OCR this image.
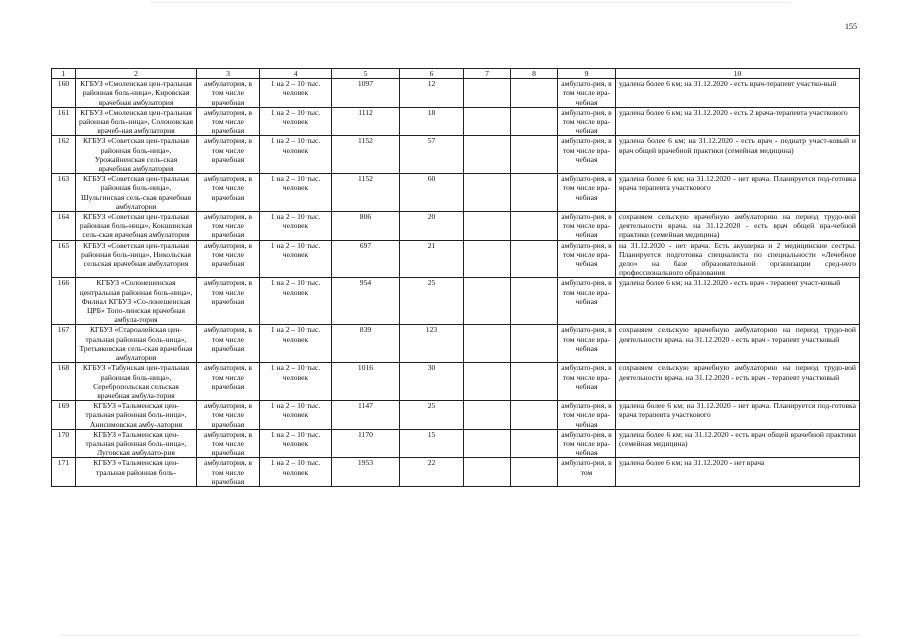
155
1	2	3	4	5	6	7	8	9	10
160	КГБУЗ «Смоленская цен-тральная районная боль-ница», Кировская врачебная амбулатория	амбулатория, в том числе врачебная	1 на 2 – 10 тыс. человек	1097	12			амбулато-рия, в том числе вра-чебная	удалена более 6 км; на 31.12.2020 - есть врач-терапевт участко-вый
161	КГБУЗ «Смоленская цен-тральная районная боль-ница», Солоновская врачеб-ная амбулатория	амбулатория, в том числе врачебная	1 на 2 – 10 тыс. человек	1112	18			амбулато-рия, в том числе вра-чебная	удалена более 6 км; на 31.12.2020 - есть 2 врача-терапевта участкового
162	КГБУЗ «Советская цен-тральная районная боль-ница», Урожайненская сель-ская врачебная амбулатория	амбулатория, в том числе врачебная	1 на 2 – 10 тыс. человек	1152	57			амбулато-рия, в том числе вра-чебная	удалена более 6 км; на 31.12.2020 - есть врач - педиатр участ-ковый и врач общей врачебной практики (семейная медицина)
163	КГБУЗ «Советская цен-тральная районная боль-ница», Шульгинская сель-ская врачебная амбулатория	амбулатория, в том числе врачебная	1 на 2 – 10 тыс. человек	1152	60			амбулато-рия, в том числе вра-чебная	удалена более 6 км; на 31.12.2020 - нет врача. Планируется под-готовка врача терапевта участкового
164	КГБУЗ «Советская цен-тральная районная боль-ница», Кокшинская сель-ская врачебная амбулатория	амбулатория, в том числе врачебная	1 на 2 – 10 тыс. человек	806	20			амбулато-рия, в том числе вра-чебная	сохраняем сельскую врачебную амбулаторию на период трудо-вой деятельности врача. на 31.12.2020 - есть врач общей вра-чебной практики (семейная медицина)
165	КГБУЗ «Советская цен-тральная районная боль-ница», Никольская сельская врачебная амбулатория	амбулатория, в том числе врачебная	1 на 2 – 10 тыс. человек	697	21			амбулато-рия, в том числе вра-чебная	на 31.12.2020 - нет врача. Есть акушерка и 2 медицинские сестры. Планируется подготовка специалиста по специальности «Лечебное дело» на базе образовательной организации сред-него профессионального образования
166	КГБУЗ «Солонешенская центральная районная боль-ница», Филиал КГБУЗ «Со-лонешенская ЦРБ» Топо-линская врачебная амбула-тория	амбулатория, в том числе врачебная	1 на 2 – 10 тыс. человек	954	25			амбулато-рия, в том числе вра-чебная	удалена более 6 км; на 31.12.2020 - есть врач - терапевт участ-ковый
167	КГБУЗ «Староалейская цен-тральная районная боль-ница», Третьяковская сель-ская врачебная амбулатория	амбулатория, в том числе врачебная	1 на 2 – 10 тыс. человек	839	123			амбулато-рия, в том числе вра-чебная	сохраняем сельскую врачебную амбулаторию на период трудо-вой деятельности врача. на 31.12.2020 - есть врач - терапевт участковый
168	КГБУЗ «Табунская цен-тральная районная боль-ница», Серебропольская сельская врачебная амбула-тория	амбулатория, в том числе врачебная	1 на 2 – 10 тыс. человек	1016	30			амбулато-рия, в том числе вра-чебная	сохраняем сельскую врачебную амбулаторию на период трудо-вой деятельности врача. на 31.12.2020 - есть врач - терапевт участковый
169	КГБУЗ «Тальменская цен-тральная районная боль-ница», Анисимовская амбу-латория	амбулатория, в том числе врачебная	1 на 2 – 10 тыс. человек	1147	25			амбулато-рия, в том числе вра-чебная	удалена более 6 км; на 31.12.2020 - нет врача. Планируется под-готовка врача терапевта участкового
170	КГБУЗ «Тальменская цен-тральная районная боль-ница», Луговская амбулато-рия	амбулатория, в том числе врачебная	1 на 2 – 10 тыс. человек	1170	15			амбулато-рия, в том числе вра-чебная	удалена более 6 км; на 31.12.2020 - есть врач общей врачебной практики (семейная медицина)
171	КГБУЗ «Тальменская цен-тральная районная боль-	амбулатория, в том числе врачебная	1 на 2 – 10 тыс. человек	1953	22			амбулато-рия, в том	удалена более 6 км; на 31.12.2020 - нет врача
